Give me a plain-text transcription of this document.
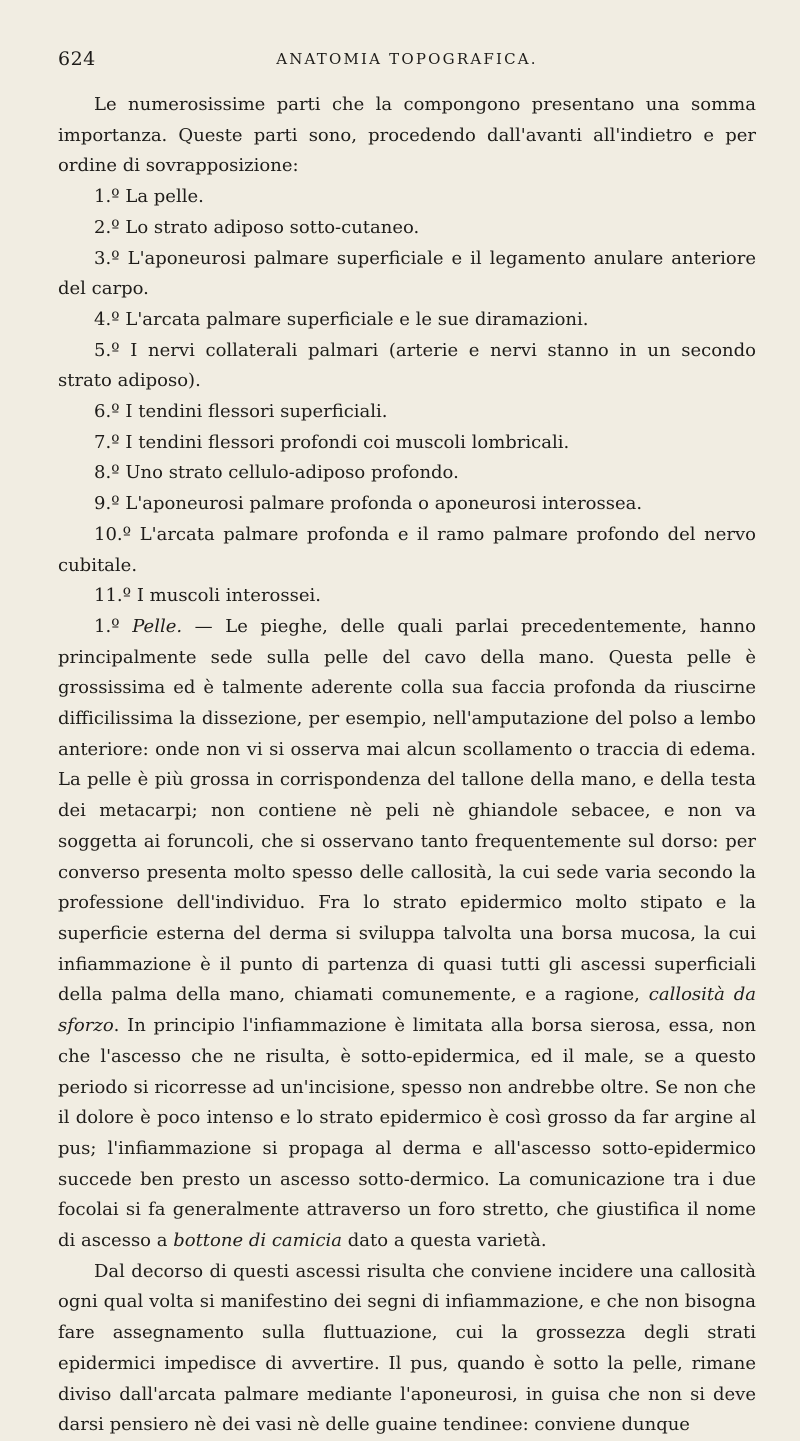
624	ANATOMIA TOPOGRAFICA.

Le numerosissime parti che la compongono presentano una somma importanza. Queste parti sono, procedendo dall'avanti all'indietro e per ordine di sovrapposizione:

1.º La pelle.

2.º Lo strato adiposo sotto-cutaneo.

3.º L'aponeurosi palmare superficiale e il legamento anulare anteriore del carpo.

4.º L'arcata palmare superficiale e le sue diramazioni.

5.º I nervi collaterali palmari (arterie e nervi stanno in un secondo strato adiposo).

6.º I tendini flessori superficiali.

7.º I tendini flessori profondi coi muscoli lombricali.

8.º Uno strato cellulo-adiposo profondo.

9.º L'aponeurosi palmare profonda o aponeurosi interossea.

10.º L'arcata palmare profonda e il ramo palmare profondo del nervo cubitale.

11.º I muscoli interossei.

1.º Pelle. — Le pieghe, delle quali parlai precedentemente, hanno principalmente sede sulla pelle del cavo della mano. Questa pelle è grossissima ed è talmente aderente colla sua faccia profonda da riuscirne difficilissima la dissezione, per esempio, nell'amputazione del polso a lembo anteriore: onde non vi si osserva mai alcun scollamento o traccia di edema. La pelle è più grossa in corrispondenza del tallone della mano, e della testa dei metacarpi; non contiene nè peli nè ghiandole sebacee, e non va soggetta ai foruncoli, che si osservano tanto frequentemente sul dorso: per converso presenta molto spesso delle callosità, la cui sede varia secondo la professione dell'individuo. Fra lo strato epidermico molto stipato e la superficie esterna del derma si sviluppa talvolta una borsa mucosa, la cui infiammazione è il punto di partenza di quasi tutti gli ascessi superficiali della palma della mano, chiamati comunemente, e a ragione, callosità da sforzo. In principio l'infiammazione è limitata alla borsa sierosa, essa, non che l'ascesso che ne risulta, è sotto-epidermica, ed il male, se a questo periodo si ricorresse ad un'incisione, spesso non andrebbe oltre. Se non che il dolore è poco intenso e lo strato epidermico è così grosso da far argine al pus; l'infiammazione si propaga al derma e all'ascesso sotto-epidermico succede ben presto un ascesso sotto-dermico. La comunicazione tra i due focolai si fa generalmente attraverso un foro stretto, che giustifica il nome di ascesso a bottone di camicia dato a questa varietà.

Dal decorso di questi ascessi risulta che conviene incidere una callosità ogni qual volta si manifestino dei segni di infiammazione, e che non bisogna fare assegnamento sulla fluttuazione, cui la grossezza degli strati epidermici impedisce di avvertire. Il pus, quando è sotto la pelle, rimane diviso dall'arcata palmare mediante l'aponeurosi, in guisa che non si deve darsi pensiero nè dei vasi nè delle guaine tendinee: conviene dunque
